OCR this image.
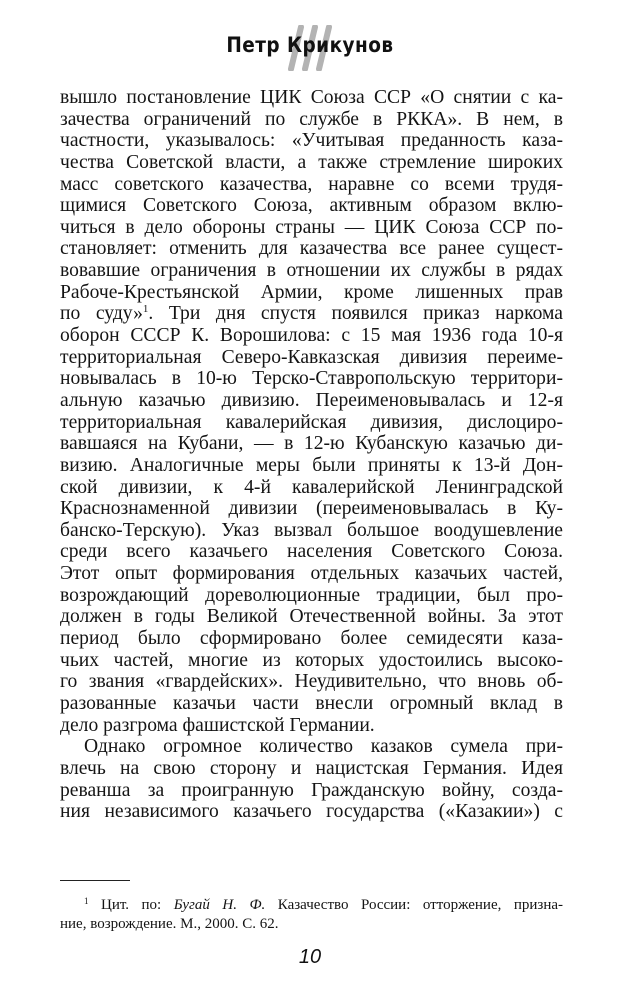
Петр Крикунов
вышло постановление ЦИК Союза ССР «О снятии с ка-
зачества ограничений по службе в РККА». В нем, в
частности, указывалось: «Учитывая преданность каза-
чества Советской власти, а также стремление широких
масс советского казачества, наравне со всеми трудя-
щимися Советского Союза, активным образом вклю-
читься в дело обороны страны — ЦИК Союза ССР по-
становляет: отменить для казачества все ранее сущест-
вовавшие ограничения в отношении их службы в рядах
Рабоче-Крестьянской Армии, кроме лишенных прав
по суду»$^1$. Три дня спустя появился приказ наркома
оборон СССР К. Ворошилова: с 15 мая 1936 года 10-я
территориальная Северо-Кавказская дивизия переиме-
новывалась в 10-ю Терско-Ставропольскую территори-
альную казачью дивизию. Переименовывалась и 12-я
территориальная кавалерийская дивизия, дислоциро-
вавшаяся на Кубани, — в 12-ю Кубанскую казачью ди-
визию. Аналогичные меры были приняты к 13-й Дон-
ской дивизии, к 4-й кавалерийской Ленинградской
Краснознаменной дивизии (переименовывалась в Ку-
банско-Терскую). Указ вызвал большое воодушевление
среди всего казачьего населения Советского Союза.
Этот опыт формирования отдельных казачьих частей,
возрождающий дореволюционные традиции, был про-
должен в годы Великой Отечественной войны. За этот
период было сформировано более семидесяти каза-
чьих частей, многие из которых удостоились высоко-
го звания «гвардейских». Неудивительно, что вновь об-
разованные казачьи части внесли огромный вклад в
дело разгрома фашистской Германии.
Однако огромное количество казаков сумела при-
влечь на свою сторону и нацистская Германия. Идея
реванша за проигранную Гражданскую войну, созда-
ния независимого казачьего государства («Казакии») с
$^1$ Цит. по: Бугай Н. Ф. Казачество России: отторжение, призна-
ние, возрождение. М., 2000. С. 62.
10
